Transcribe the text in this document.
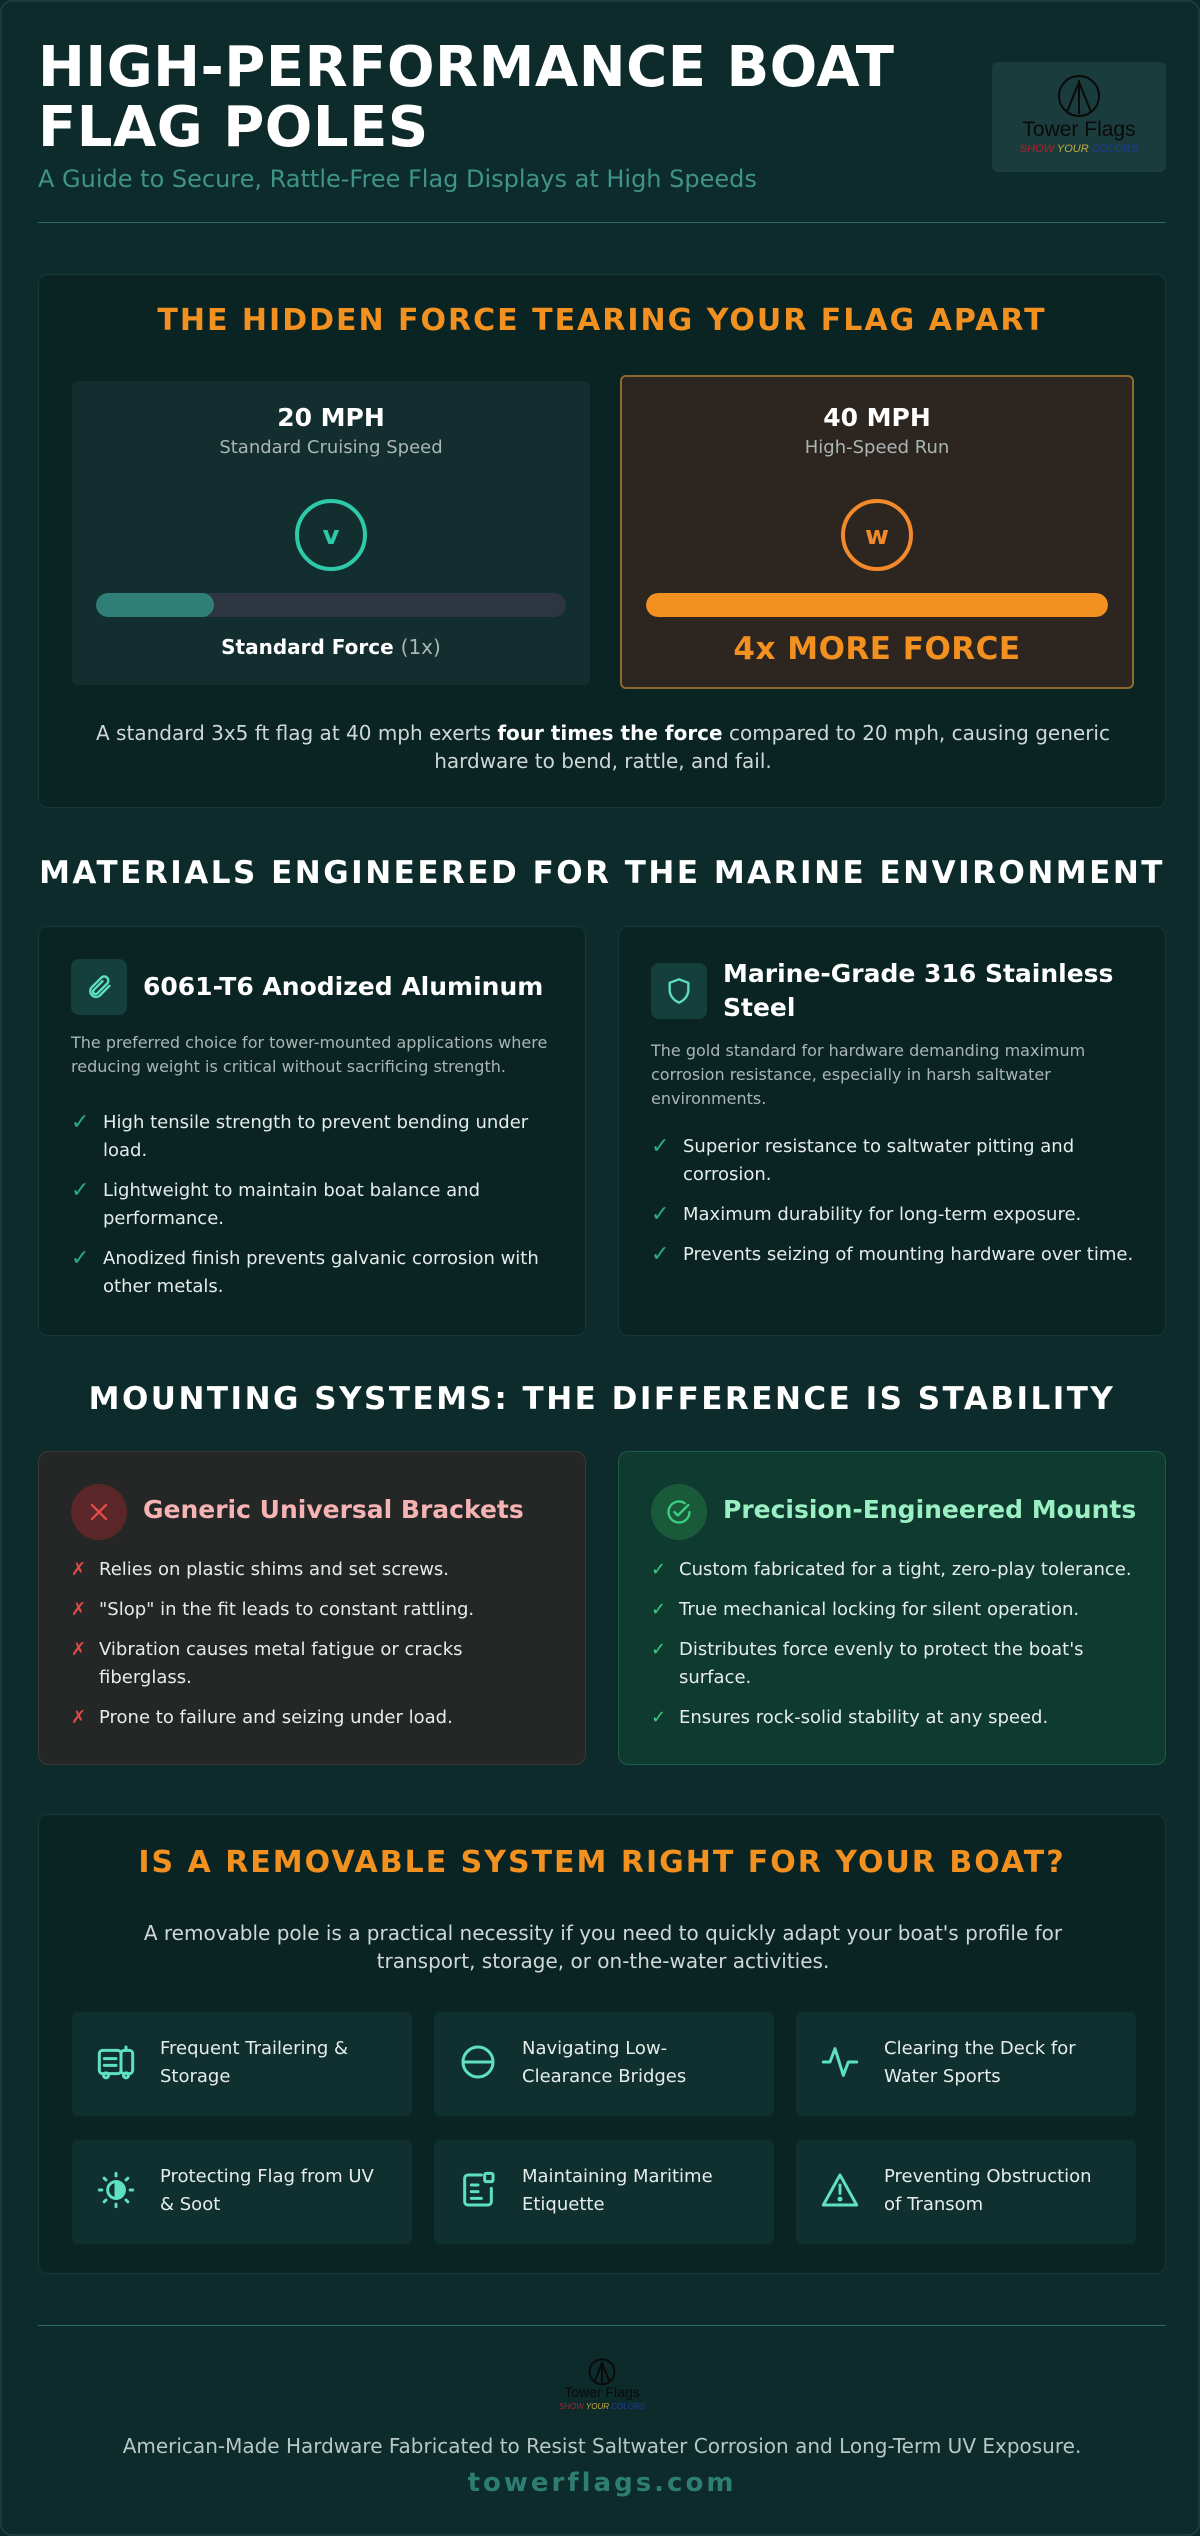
HIGH-PERFORMANCE BOAT FLAG POLES
A Guide to Secure, Rattle-Free Flag Displays at High Speeds
Tower Flags
SHOW YOUR COLORS
THE HIDDEN FORCE TEARING YOUR FLAG APART
20 MPH
Standard Cruising Speed
v
Standard Force (1x)
40 MPH
High-Speed Run
w
4x MORE FORCE
A standard 3x5 ft flag at 40 mph exerts four times the force compared to 20 mph, causing generic hardware to bend, rattle, and fail.
MATERIALS ENGINEERED FOR THE MARINE ENVIRONMENT
6061-T6 Anodized Aluminum
The preferred choice for tower-mounted applications where reducing weight is critical without sacrificing strength.
✓ High tensile strength to prevent bending under load.
✓ Lightweight to maintain boat balance and performance.
✓ Anodized finish prevents galvanic corrosion with other metals.
Marine-Grade 316 Stainless Steel
The gold standard for hardware demanding maximum corrosion resistance, especially in harsh saltwater environments.
✓ Superior resistance to saltwater pitting and corrosion.
✓ Maximum durability for long-term exposure.
✓ Prevents seizing of mounting hardware over time.
MOUNTING SYSTEMS: THE DIFFERENCE IS STABILITY
Generic Universal Brackets
✗ Relies on plastic shims and set screws.
✗ "Slop" in the fit leads to constant rattling.
✗ Vibration causes metal fatigue or cracks fiberglass.
✗ Prone to failure and seizing under load.
Precision-Engineered Mounts
✓ Custom fabricated for a tight, zero-play tolerance.
✓ True mechanical locking for silent operation.
✓ Distributes force evenly to protect the boat's surface.
✓ Ensures rock-solid stability at any speed.
IS A REMOVABLE SYSTEM RIGHT FOR YOUR BOAT?
A removable pole is a practical necessity if you need to quickly adapt your boat's profile for transport, storage, or on-the-water activities.
Frequent Trailering & Storage
Navigating Low-Clearance Bridges
Clearing the Deck for Water Sports
Protecting Flag from UV & Soot
Maintaining Maritime Etiquette
Preventing Obstruction of Transom
Tower Flags
SHOW YOUR COLORS
American-Made Hardware Fabricated to Resist Saltwater Corrosion and Long-Term UV Exposure.
towerflags.com
